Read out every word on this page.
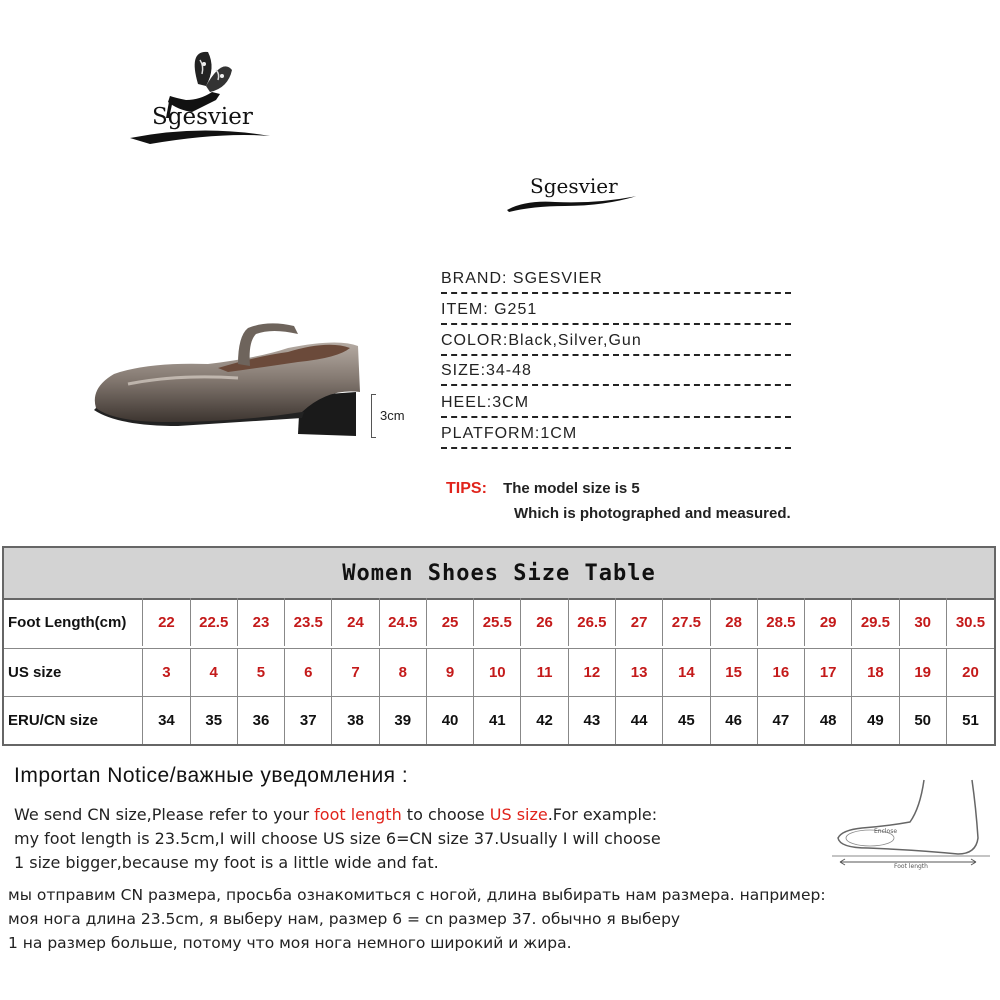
Sgesvier
Sgesvier
3cm
BRAND: SGESVIER
ITEM: G251
COLOR:Black,Silver,Gun
SIZE:34-48
HEEL:3CM
PLATFORM:1CM
TIPS: The model size is 5
Which is photographed and measured.
Women Shoes Size Table
Foot Length(cm)	22	22.5	23	23.5	24	24.5	25	25.5	26	26.5	27	27.5	28	28.5	29	29.5	30	30.5
US size	3	4	5	6	7	8	9	10	11	12	13	14	15	16	17	18	19	20
ERU/CN size	34	35	36	37	38	39	40	41	42	43	44	45	46	47	48	49	50	51
Importan Notice/важные уведомления :
We send CN size,Please refer to your foot length to choose US size.For example:
my foot length is 23.5cm,I will choose US size 6=CN size 37.Usually I will choose
1 size bigger,because my foot is a little wide and fat.
мы отправим CN размера, просьба ознакомиться с ногой, длина выбирать нам размера. например:
моя нога длина 23.5cm, я выберу нам, размер 6 = cn размер 37. обычно я выберу
1 на размер больше, потому что моя нога немного широкий и жира.
Enclose
Foot length
